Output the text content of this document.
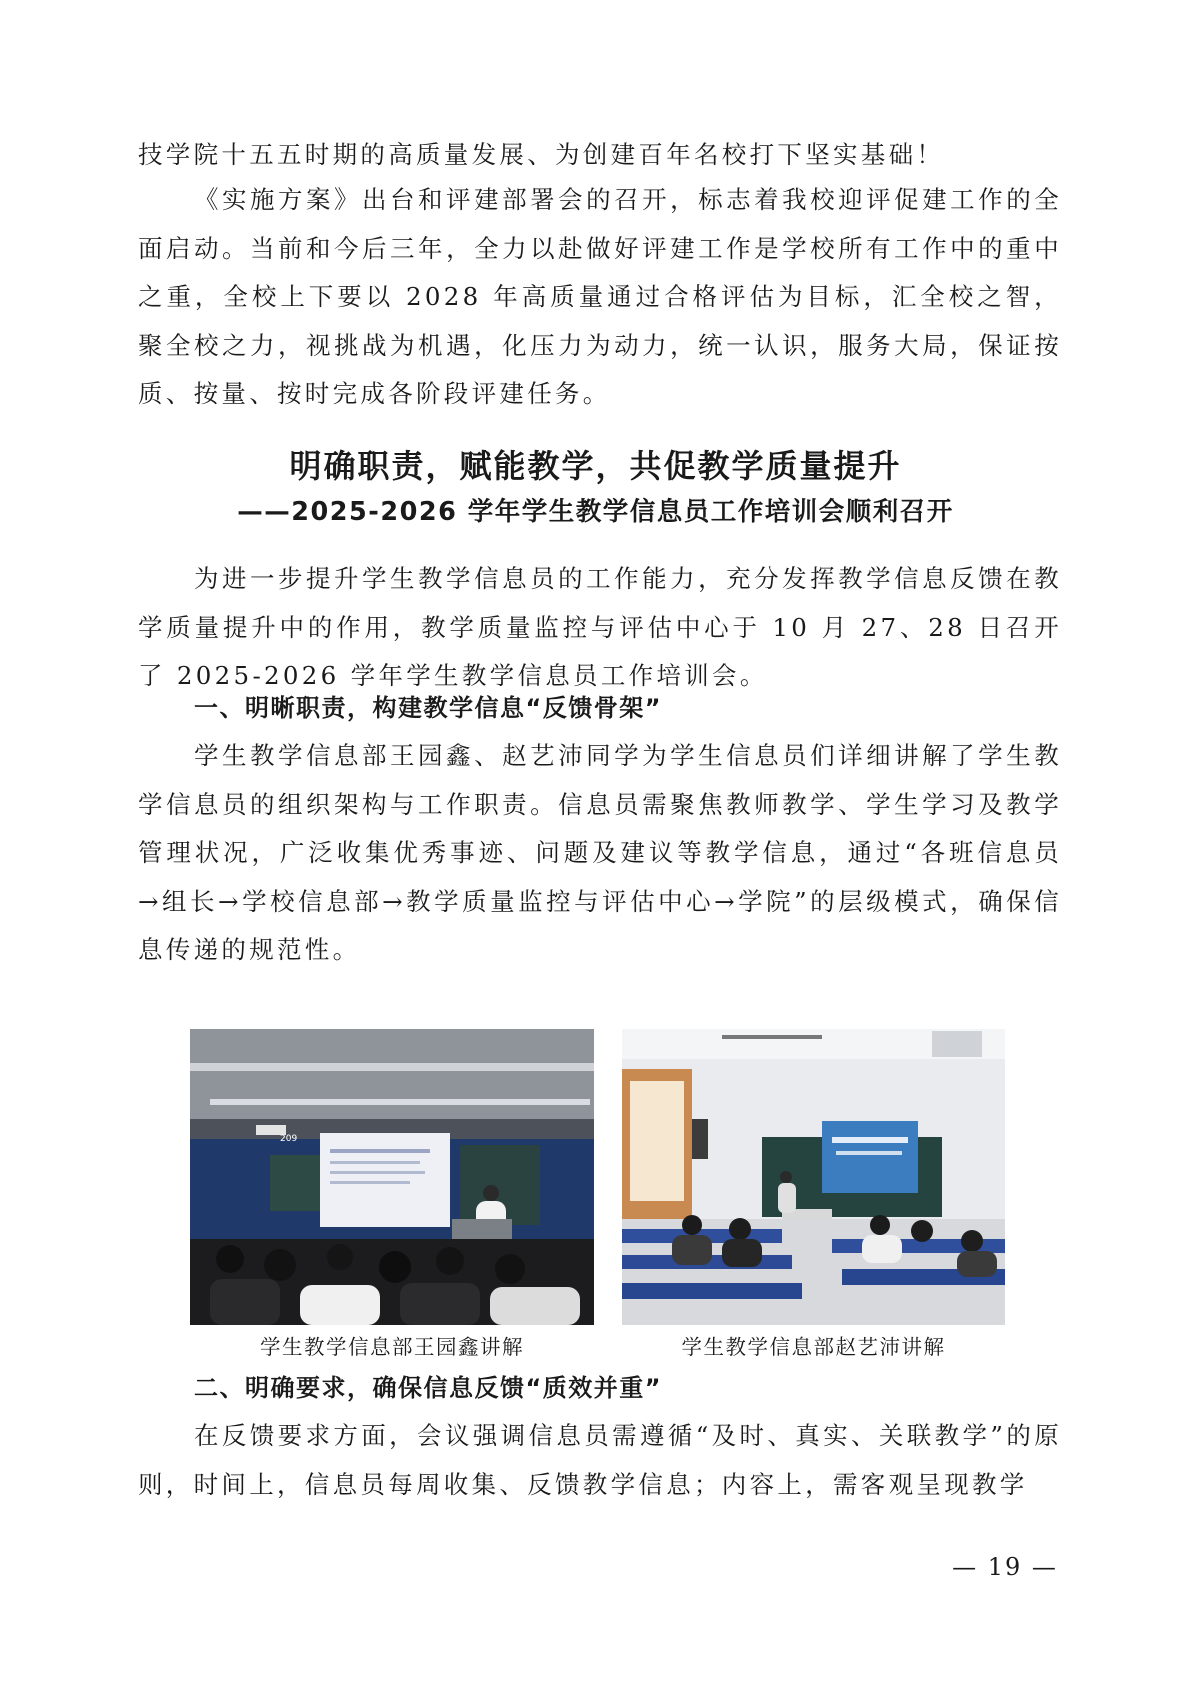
技学院十五五时期的高质量发展、为创建百年名校打下坚实基础！

《实施方案》出台和评建部署会的召开，标志着我校迎评促建工作的全面启动。当前和今后三年，全力以赴做好评建工作是学校所有工作中的重中之重，全校上下要以 2028 年高质量通过合格评估为目标，汇全校之智，聚全校之力，视挑战为机遇，化压力为动力，统一认识，服务大局，保证按质、按量、按时完成各阶段评建任务。

明确职责，赋能教学，共促教学质量提升
——2025-2026 学年学生教学信息员工作培训会顺利召开

为进一步提升学生教学信息员的工作能力，充分发挥教学信息反馈在教学质量提升中的作用，教学质量监控与评估中心于 10 月 27、28 日召开了 2025-2026 学年学生教学信息员工作培训会。

一、明晰职责，构建教学信息“反馈骨架”

学生教学信息部王园鑫、赵艺沛同学为学生信息员们详细讲解了学生教学信息员的组织架构与工作职责。信息员需聚焦教师教学、学生学习及教学管理状况，广泛收集优秀事迹、问题及建议等教学信息，通过“各班信息员→组长→学校信息部→教学质量监控与评估中心→学院”的层级模式，确保信息传递的规范性。

209

学生教学信息部王园鑫讲解	学生教学信息部赵艺沛讲解

二、明确要求，确保信息反馈“质效并重”

在反馈要求方面，会议强调信息员需遵循“及时、真实、关联教学”的原则，时间上，信息员每周收集、反馈教学信息；内容上，需客观呈现教学

— 19 —
